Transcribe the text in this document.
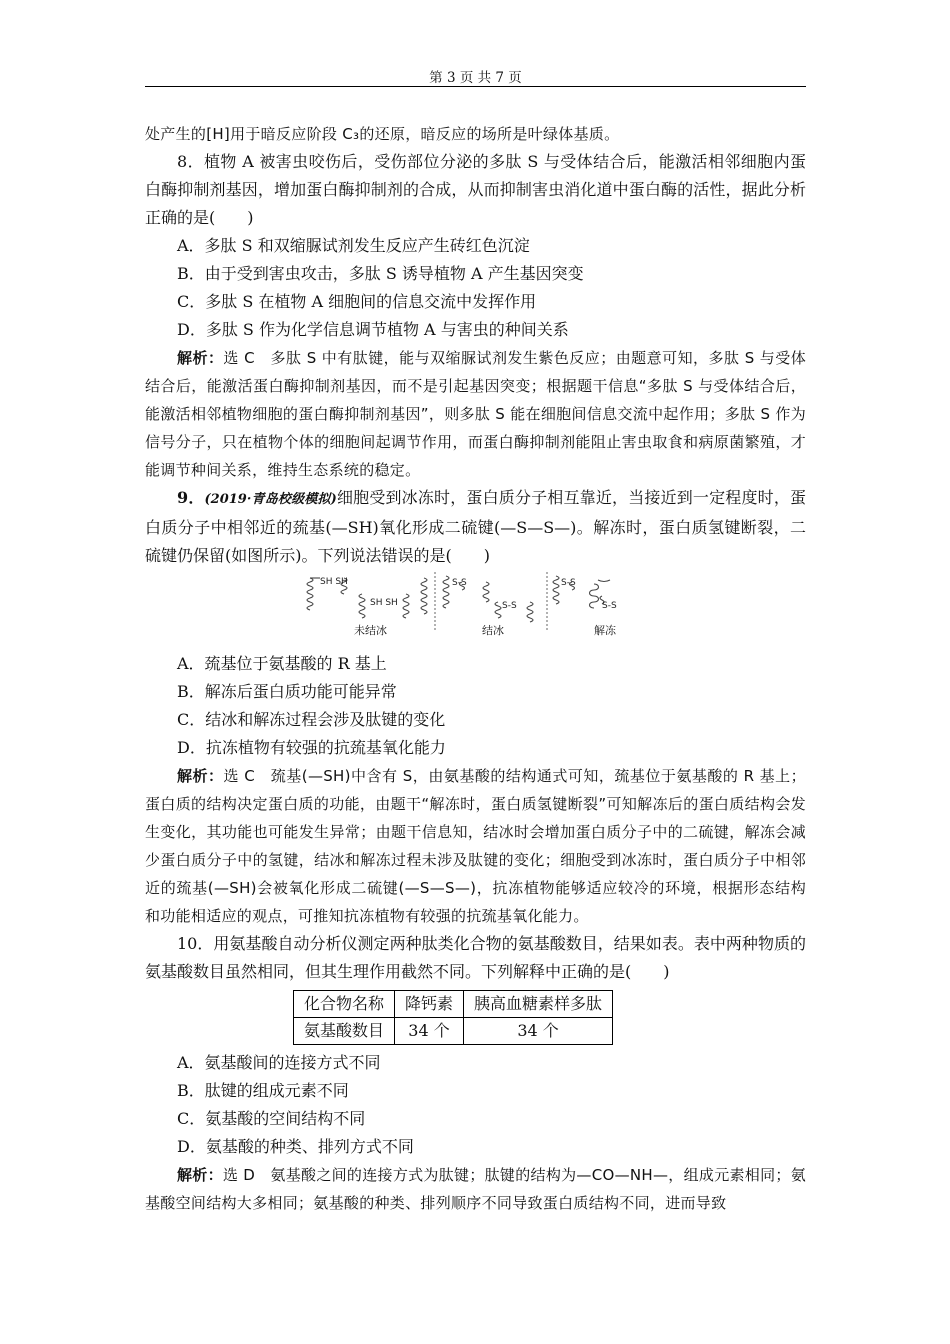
第 3 页 共 7 页

处产生的[H]用于暗反应阶段 C₃的还原，暗反应的场所是叶绿体基质。

8．植物 A 被害虫咬伤后，受伤部位分泌的多肽 S 与受体结合后，能激活相邻细胞内蛋白酶抑制剂基因，增加蛋白酶抑制剂的合成，从而抑制害虫消化道中蛋白酶的活性，据此分析正确的是(　　)

A．多肽 S 和双缩脲试剂发生反应产生砖红色沉淀

B．由于受到害虫攻击，多肽 S 诱导植物 A 产生基因突变

C．多肽 S 在植物 A 细胞间的信息交流中发挥作用

D．多肽 S 作为化学信息调节植物 A 与害虫的种间关系

解析：选 C　多肽 S 中有肽键，能与双缩脲试剂发生紫色反应；由题意可知，多肽 S 与受体结合后，能激活蛋白酶抑制剂基因，而不是引起基因突变；根据题干信息“多肽 S 与受体结合后，能激活相邻植物细胞的蛋白酶抑制剂基因”，则多肽 S 能在细胞间信息交流中起作用；多肽 S 作为信号分子，只在植物个体的细胞间起调节作用，而蛋白酶抑制剂能阻止害虫取食和病原菌繁殖，才能调节种间关系，维持生态系统的稳定。

9．(2019·青岛校级模拟)细胞受到冰冻时，蛋白质分子相互靠近，当接近到一定程度时，蛋白质分子中相邻近的巯基(—SH)氧化形成二硫键(—S—S—)。解冻时，蛋白质氢键断裂，二硫键仍保留(如图所示)。下列说法错误的是(　　)

SH SH
SH SH
S-S
S-S
S-S
S-S
未结冰	结冰	解冻

A．巯基位于氨基酸的 R 基上

B．解冻后蛋白质功能可能异常

C．结冰和解冻过程会涉及肽键的变化

D．抗冻植物有较强的抗巯基氧化能力

解析：选 C　巯基(—SH)中含有 S，由氨基酸的结构通式可知，巯基位于氨基酸的 R 基上；蛋白质的结构决定蛋白质的功能，由题干“解冻时，蛋白质氢键断裂”可知解冻后的蛋白质结构会发生变化，其功能也可能发生异常；由题干信息知，结冰时会增加蛋白质分子中的二硫键，解冻会减少蛋白质分子中的氢键，结冰和解冻过程未涉及肽键的变化；细胞受到冰冻时，蛋白质分子中相邻近的巯基(—SH)会被氧化形成二硫键(—S—S—)，抗冻植物能够适应较冷的环境，根据形态结构和功能相适应的观点，可推知抗冻植物有较强的抗巯基氧化能力。

10．用氨基酸自动分析仪测定两种肽类化合物的氨基酸数目，结果如表。表中两种物质的氨基酸数目虽然相同，但其生理作用截然不同。下列解释中正确的是(　　)

化合物名称	降钙素	胰高血糖素样多肽
氨基酸数目	34 个	34 个

A．氨基酸间的连接方式不同

B．肽键的组成元素不同

C．氨基酸的空间结构不同

D．氨基酸的种类、排列方式不同

解析：选 D　氨基酸之间的连接方式为肽键；肽键的结构为—CO—NH—，组成元素相同；氨基酸空间结构大多相同；氨基酸的种类、排列顺序不同导致蛋白质结构不同，进而导致
